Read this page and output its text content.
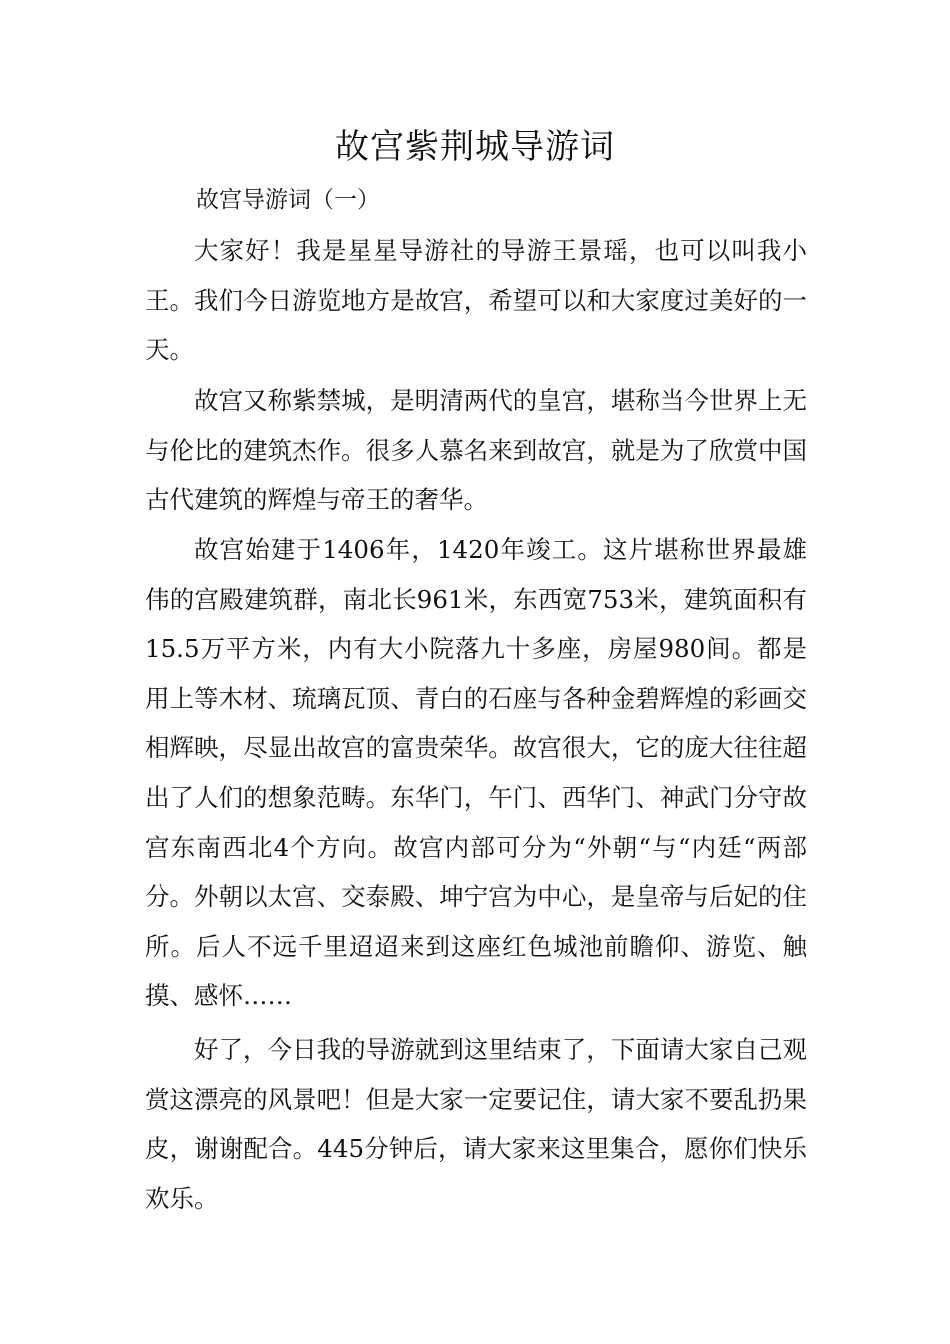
故宫紫荆城导游词
故宫导游词（一）

大家好！我是星星导游社的导游王景瑶，也可以叫我小王。我们今日游览地方是故宫，希望可以和大家度过美好的一天。

故宫又称紫禁城，是明清两代的皇宫，堪称当今世界上无与伦比的建筑杰作。很多人慕名来到故宫，就是为了欣赏中国古代建筑的辉煌与帝王的奢华。

故宫始建于1406年，1420年竣工。这片堪称世界最雄伟的宫殿建筑群，南北长961米，东西宽753米，建筑面积有15.5万平方米，内有大小院落九十多座，房屋980间。都是用上等木材、琉璃瓦顶、青白的石座与各种金碧辉煌的彩画交相辉映，尽显出故宫的富贵荣华。故宫很大，它的庞大往往超出了人们的想象范畴。东华门，午门、西华门、神武门分守故宫东南西北4个方向。故宫内部可分为“外朝“与“内廷“两部分。外朝以太宫、交泰殿、坤宁宫为中心，是皇帝与后妃的住所。后人不远千里迢迢来到这座红色城池前瞻仰、游览、触摸、感怀……

好了，今日我的导游就到这里结束了，下面请大家自己观赏这漂亮的风景吧！但是大家一定要记住，请大家不要乱扔果皮，谢谢配合。445分钟后，请大家来这里集合，愿你们快乐欢乐。
